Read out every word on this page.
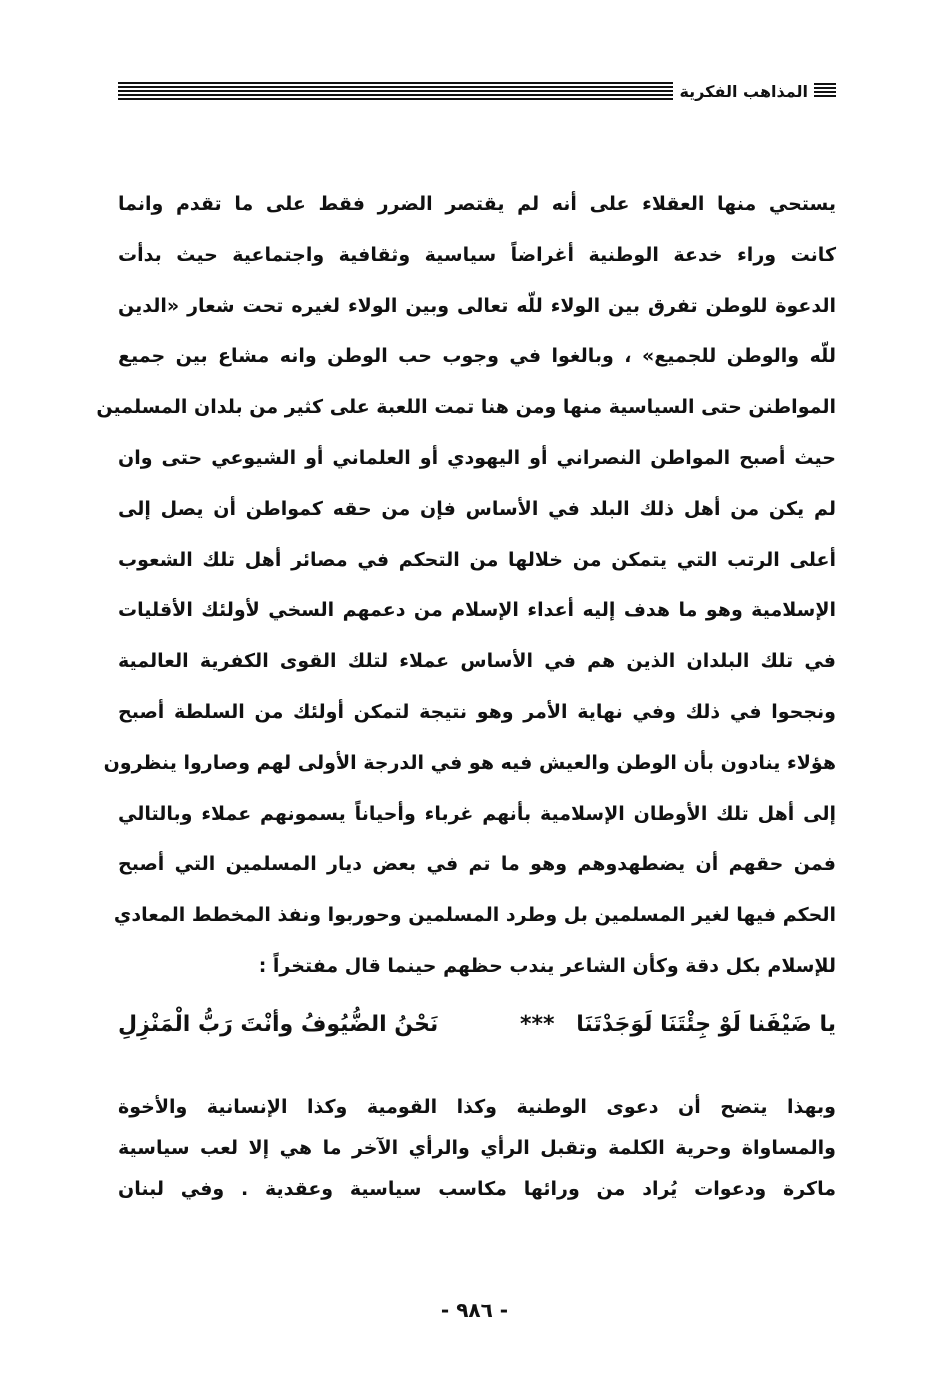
المذاهب الفكرية
يستحي منها العقلاء على أنه لم يقتصر الضرر فقط على ما تقدم وانما
كانت وراء خدعة الوطنية أغراضاً سياسية وثقافية واجتماعية حيث بدأت
الدعوة للوطن تفرق بين الولاء للّه تعالى وبين الولاء لغيره تحت شعار «الدين
للّه والوطن للجميع» ، وبالغوا في وجوب حب الوطن وانه مشاع بين جميع
المواطنن حتى السياسية منها ومن هنا تمت اللعبة على كثير من بلدان المسلمين
حيث أصبح المواطن النصراني أو اليهودي أو العلماني أو الشيوعي حتى وان
لم يكن من أهل ذلك البلد في الأساس فإن من حقه كمواطن أن يصل إلى
أعلى الرتب التي يتمكن من خلالها من التحكم في مصائر أهل تلك الشعوب
الإسلامية وهو ما هدف إليه أعداء الإسلام من دعمهم السخي لأولئك الأقليات
في تلك البلدان الذين هم في الأساس عملاء لتلك القوى الكفرية العالمية
ونجحوا في ذلك وفي نهاية الأمر وهو نتيجة لتمكن أولئك من السلطة أصبح
هؤلاء ينادون بأن الوطن والعيش فيه هو في الدرجة الأولى لهم وصاروا ينظرون
إلى أهل تلك الأوطان الإسلامية بأنهم غرباء وأحياناً يسمونهم عملاء وبالتالي
فمن حقهم أن يضطهدوهم وهو ما تم في بعض ديار المسلمين التي أصبح
الحكم فيها لغير المسلمين بل وطرد المسلمين وحوربوا ونفذ المخطط المعادي
للإسلام بكل دقة وكأن الشاعر يندب حظهم حينما قال مفتخراً :
يا ضَيْفَنا لَوْ جِئْتَنَا لَوَجَدْتَنَا
***
نَحْنُ الضُّيُوفُ وأنْتَ رَبُّ الْمَنْزِلِ
وبهذا يتضح أن دعوى الوطنية وكذا القومية وكذا الإنسانية والأخوة
والمساواة وحرية الكلمة وتقبل الرأي والرأي الآخر ما هي إلا لعب سياسية
ماكرة ودعوات يُراد من ورائها مكاسب سياسية وعقدية . وفي لبنان
- ٩٨٦ -
